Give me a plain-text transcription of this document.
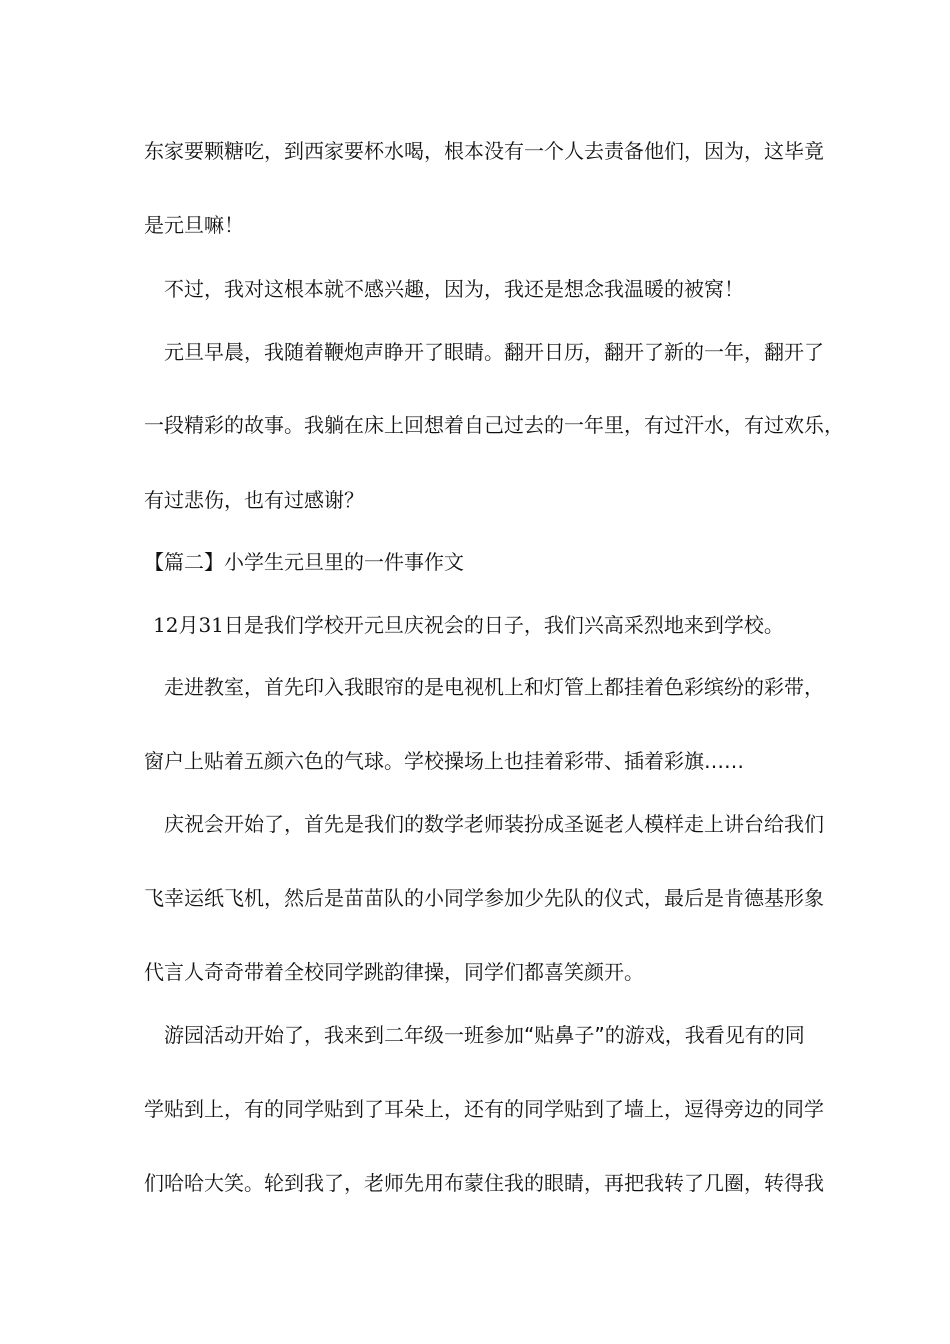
东家要颗糖吃，到西家要杯水喝，根本没有一个人去责备他们，因为，这毕竟
是元旦嘛！
不过，我对这根本就不感兴趣，因为，我还是想念我温暖的被窝！
元旦早晨，我随着鞭炮声睁开了眼睛。翻开日历，翻开了新的一年，翻开了
一段精彩的故事。我躺在床上回想着自己过去的一年里，有过汗水，有过欢乐，
有过悲伤，也有过感谢？
【篇二】小学生元旦里的一件事作文
12月31日是我们学校开元旦庆祝会的日子，我们兴高采烈地来到学校。
走进教室，首先印入我眼帘的是电视机上和灯管上都挂着色彩缤纷的彩带，
窗户上贴着五颜六色的气球。学校操场上也挂着彩带、插着彩旗……
庆祝会开始了，首先是我们的数学老师装扮成圣诞老人模样走上讲台给我们
飞幸运纸飞机，然后是苗苗队的小同学参加少先队的仪式，最后是肯德基形象
代言人奇奇带着全校同学跳韵律操，同学们都喜笑颜开。
游园活动开始了，我来到二年级一班参加“贴鼻子”的游戏，我看见有的同
学贴到上，有的同学贴到了耳朵上，还有的同学贴到了墙上，逗得旁边的同学
们哈哈大笑。轮到我了，老师先用布蒙住我的眼睛，再把我转了几圈，转得我
